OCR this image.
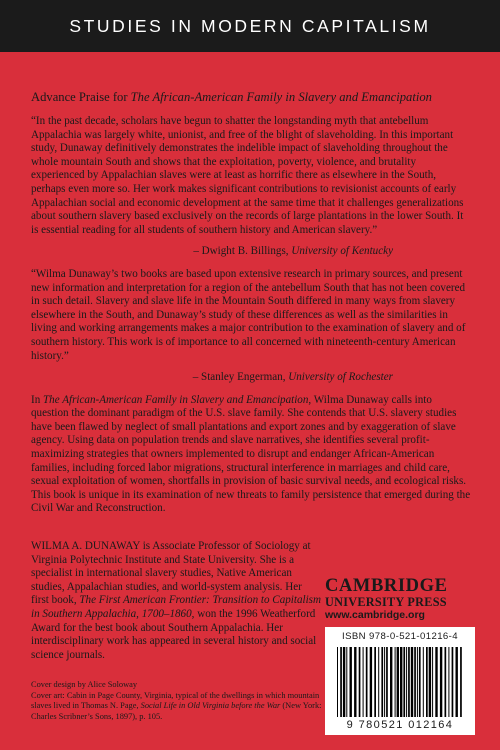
STUDIES IN MODERN CAPITALISM

Advance Praise for The African-American Family in Slavery and Emancipation

“In the past decade, scholars have begun to shatter the longstanding myth that antebellum Appalachia was largely white, unionist, and free of the blight of slaveholding. In this important study, Dunaway definitively demonstrates the indelible impact of slaveholding throughout the whole mountain South and shows that the exploitation, poverty, violence, and brutality experienced by Appalachian slaves were at least as horrific there as elsewhere in the South, perhaps even more so. Her work makes significant contributions to revisionist accounts of early Appalachian social and economic development at the same time that it challenges generalizations about southern slavery based exclusively on the records of large plantations in the lower South. It is essential reading for all students of southern history and American slavery.”

– Dwight B. Billings, University of Kentucky

“Wilma Dunaway’s two books are based upon extensive research in primary sources, and present new information and interpretation for a region of the antebellum South that has not been covered in such detail. Slavery and slave life in the Mountain South differed in many ways from slavery elsewhere in the South, and Dunaway’s study of these differences as well as the similarities in living and working arrangements makes a major contribution to the examination of slavery and of southern history. This work is of importance to all concerned with nineteenth-century American history.”

– Stanley Engerman, University of Rochester

In The African-American Family in Slavery and Emancipation, Wilma Dunaway calls into question the dominant paradigm of the U.S. slave family. She contends that U.S. slavery studies have been flawed by neglect of small plantations and export zones and by exaggeration of slave agency. Using data on population trends and slave narratives, she identifies several profit-maximizing strategies that owners implemented to disrupt and endanger African-American families, including forced labor migrations, structural interference in marriages and child care, sexual exploitation of women, shortfalls in provision of basic survival needs, and ecological risks. This book is unique in its examination of new threats to family persistence that emerged during the Civil War and Reconstruction.

WILMA A. DUNAWAY is Associate Professor of Sociology at Virginia Polytechnic Institute and State University. She is a specialist in international slavery studies, Native American studies, Appalachian studies, and world-system analysis. Her first book, The First American Frontier: Transition to Capitalism in Southern Appalachia, 1700–1860, won the 1996 Weatherford Award for the best book about Southern Appalachia. Her interdisciplinary work has appeared in several history and social science journals.
CAMBRIDGE
UNIVERSITY PRESS
www.cambridge.org
ISBN 978-0-521-01216-4
9 780521 012164
Cover design by Alice Soloway
Cover art: Cabin in Page County, Virginia, typical of the dwellings in which mountain slaves lived in Thomas N. Page, Social Life in Old Virginia before the War (New York: Charles Scribner’s Sons, 1897), p. 105.
